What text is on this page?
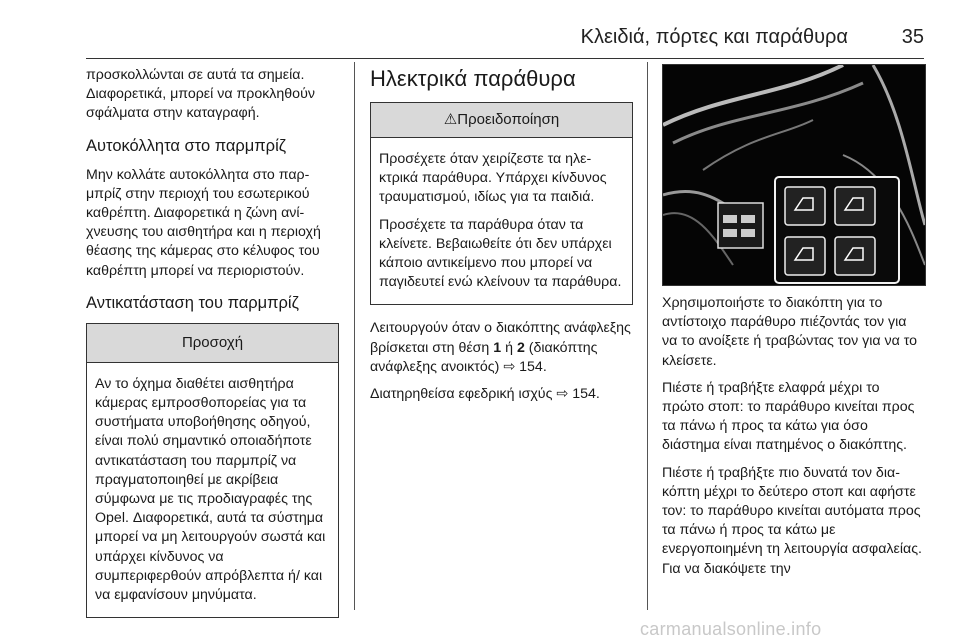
Κλειδιά, πόρτες και παράθυρα	35

προσκολλώνται σε αυτά τα σημεία. Διαφορετικά, μπορεί να προκληθούν σφάλματα στην καταγραφή.

Αυτοκόλλητα στο παρμπρίζ

Μην κολλάτε αυτοκόλλητα στο παρμπρίζ στην περιοχή του εσωτερικού καθρέπτη. Διαφορετικά η ζώνη ανίχνευσης του αισθητήρα και η περιοχή θέασης της κάμερας στο κέλυφος του καθρέπτη μπορεί να περιοριστούν.

Αντικατάσταση του παρμπρίζ
Προσοχή

Αν το όχημα διαθέτει αισθητήρα κάμερας εμπροσθοπορείας για τα συστήματα υποβοήθησης οδηγού, είναι πολύ σημαντικό οποιαδήποτε αντικατάσταση του παρμπρίζ να πραγματοποιηθεί με ακρίβεια σύμφωνα με τις προδιαγραφές της Opel. Διαφορετικά, αυτά τα σύστημα μπορεί να μη λειτουργούν σωστά και υπάρχει κίνδυνος να συμπεριφερθούν απρόβλεπτα ή/ και να εμφανίσουν μηνύματα.

Ηλεκτρικά παράθυρα
⚠Προειδοποίηση

Προσέχετε όταν χειρίζεστε τα ηλεκτρικά παράθυρα. Υπάρχει κίνδυνος τραυματισμού, ιδίως για τα παιδιά.

Προσέχετε τα παράθυρα όταν τα κλείνετε. Βεβαιωθείτε ότι δεν υπάρχει κάποιο αντικείμενο που μπορεί να παγιδευτεί ενώ κλείνουν τα παράθυρα.

Λειτουργούν όταν ο διακόπτης ανάφλεξης βρίσκεται στη θέση 1 ή 2 (διακόπτης ανάφλεξης ανοικτός) ⇨ 154.

Διατηρηθείσα εφεδρική ισχύς ⇨ 154.

Χρησιμοποιήστε το διακόπτη για το αντίστοιχο παράθυρο πιέζοντάς τον για να το ανοίξετε ή τραβώντας τον για να το κλείσετε.

Πιέστε ή τραβήξτε ελαφρά μέχρι το πρώτο στοπ: το παράθυρο κινείται προς τα πάνω ή προς τα κάτω για όσο διάστημα είναι πατημένος ο διακόπτης.

Πιέστε ή τραβήξτε πιο δυνατά τον διακόπτη μέχρι το δεύτερο στοπ και αφήστε τον: το παράθυρο κινείται αυτόματα προς τα πάνω ή προς τα κάτω με ενεργοποιημένη τη λειτουργία ασφαλείας. Για να διακόψετε την

carmanualsonline.info
